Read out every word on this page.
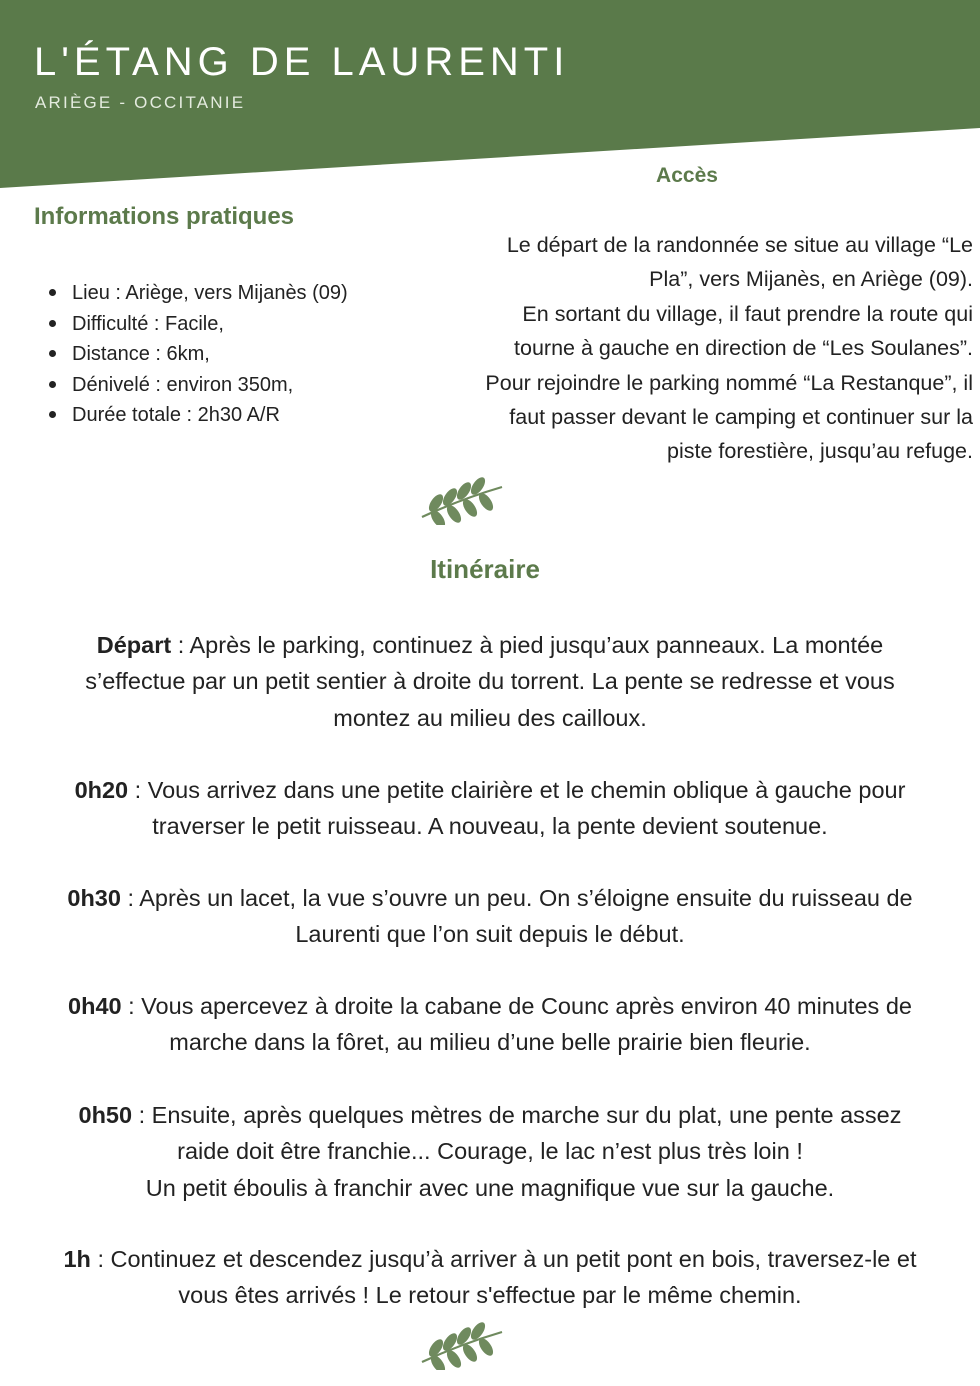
L'ÉTANG DE LAURENTI

ARIÈGE - OCCITANIE

Informations pratiques
Lieu : Ariège, vers Mijanès (09)
Difficulté : Facile,
Distance : 6km,
Dénivelé : environ 350m,
Durée totale : 2h30 A/R
Accès

Le départ de la randonnée se situe au village “Le
Pla”, vers Mijanès, en Ariège (09).
En sortant du village, il faut prendre la route qui
tourne à gauche en direction de “Les Soulanes”.
Pour rejoindre le parking nommé “La Restanque”, il
faut passer devant le camping et continuer sur la
piste forestière, jusqu’au refuge.

Itinéraire

Départ : Après le parking, continuez à pied jusqu’aux panneaux. La montée
s’effectue par un petit sentier à droite du torrent. La pente se redresse et vous
montez au milieu des cailloux.

0h20 : Vous arrivez dans une petite clairière et le chemin oblique à gauche pour
traverser le petit ruisseau. A nouveau, la pente devient soutenue.

0h30 : Après un lacet, la vue s’ouvre un peu. On s’éloigne ensuite du ruisseau de
Laurenti que l’on suit depuis le début.

0h40 : Vous apercevez à droite la cabane de Counc après environ 40 minutes de
marche dans la fôret, au milieu d’une belle prairie bien fleurie.

0h50 : Ensuite, après quelques mètres de marche sur du plat, une pente assez
raide doit être franchie... Courage, le lac n’est plus très loin !
Un petit éboulis à franchir avec une magnifique vue sur la gauche.

1h : Continuez et descendez jusqu’à arriver à un petit pont en bois, traversez-le et
vous êtes arrivés ! Le retour s'effectue par le même chemin.
